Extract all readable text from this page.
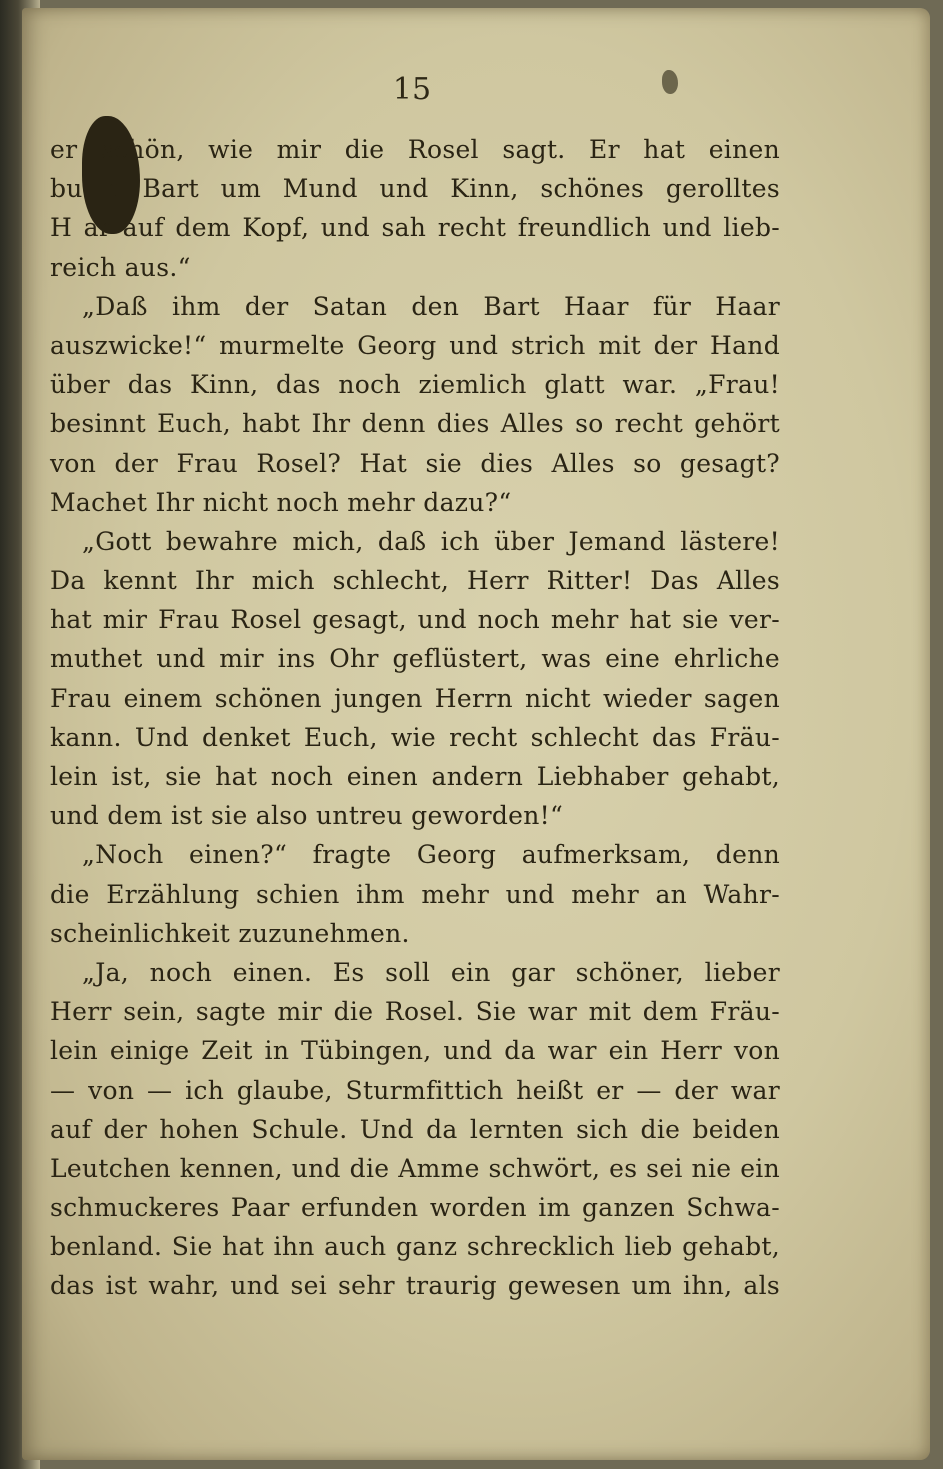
15
er schön, wie mir die Rosel sagt. Er hat einen
bu n Bart um Mund und Kinn, schönes gerolltes
H ar auf dem Kopf, und sah recht freundlich und lieb-
reich aus.“
„Daß ihm der Satan den Bart Haar für Haar
auszwicke!“ murmelte Georg und strich mit der Hand
über das Kinn, das noch ziemlich glatt war. „Frau!
besinnt Euch, habt Ihr denn dies Alles so recht gehört
von der Frau Rosel? Hat sie dies Alles so gesagt?
Machet Ihr nicht noch mehr dazu?“
„Gott bewahre mich, daß ich über Jemand lästere!
Da kennt Ihr mich schlecht, Herr Ritter! Das Alles
hat mir Frau Rosel gesagt, und noch mehr hat sie ver-
muthet und mir ins Ohr geflüstert, was eine ehrliche
Frau einem schönen jungen Herrn nicht wieder sagen
kann. Und denket Euch, wie recht schlecht das Fräu-
lein ist, sie hat noch einen andern Liebhaber gehabt,
und dem ist sie also untreu geworden!“
„Noch einen?“ fragte Georg aufmerksam, denn
die Erzählung schien ihm mehr und mehr an Wahr-
scheinlichkeit zuzunehmen.
„Ja, noch einen. Es soll ein gar schöner, lieber
Herr sein, sagte mir die Rosel. Sie war mit dem Fräu-
lein einige Zeit in Tübingen, und da war ein Herr von
— von — ich glaube, Sturmfittich heißt er — der war
auf der hohen Schule. Und da lernten sich die beiden
Leutchen kennen, und die Amme schwört, es sei nie ein
schmuckeres Paar erfunden worden im ganzen Schwa-
benland. Sie hat ihn auch ganz schrecklich lieb gehabt,
das ist wahr, und sei sehr traurig gewesen um ihn, als
